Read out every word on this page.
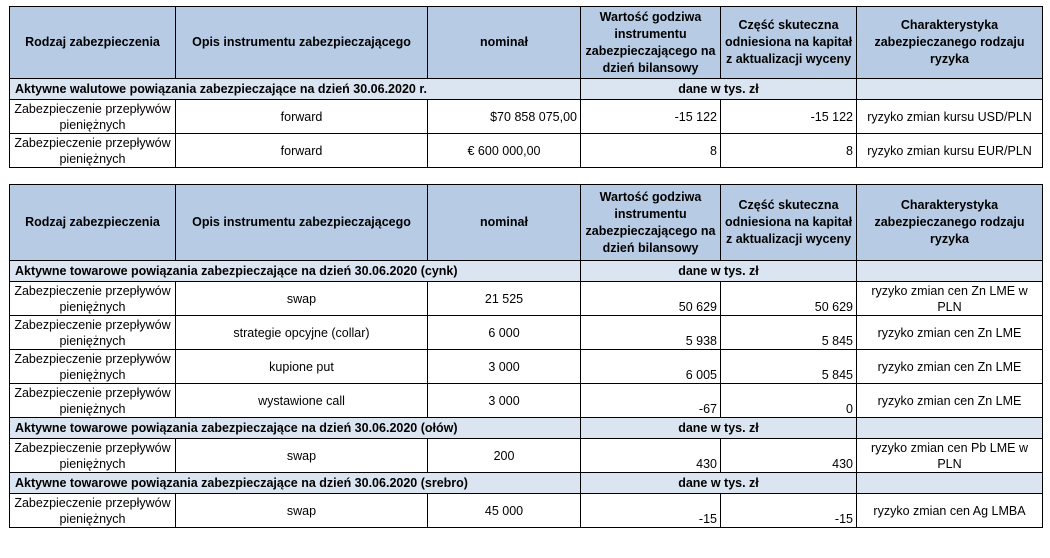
Rodzaj zabezpieczenia	Opis instrumentu zabezpieczającego	nominał	Wartość godziwa instrumentu zabezpieczającego na dzień bilansowy	Część skuteczna odniesiona na kapitał z aktualizacji wyceny	Charakterystyka zabezpieczanego rodzaju ryzyka
Aktywne walutowe powiązania zabezpieczające na dzień 30.06.2020 r.			dane w tys. zł		
Zabezpieczenie przepływów pieniężnych	forward	$70 858 075,00	-15 122	-15 122	ryzyko zmian kursu USD/PLN
Zabezpieczenie przepływów pieniężnych	forward	€ 600 000,00	8	8	ryzyko zmian kursu EUR/PLN
Rodzaj zabezpieczenia	Opis instrumentu zabezpieczającego	nominał	Wartość godziwa instrumentu zabezpieczającego na dzień bilansowy	Część skuteczna odniesiona na kapitał z aktualizacji wyceny	Charakterystyka zabezpieczanego rodzaju ryzyka
Aktywne towarowe powiązania zabezpieczające na dzień 30.06.2020 (cynk)			dane w tys. zł		
Zabezpieczenie przepływów pieniężnych	swap	21 525	50 629	50 629	ryzyko zmian cen Zn LME w PLN
Zabezpieczenie przepływów pieniężnych	strategie opcyjne (collar)	6 000	5 938	5 845	ryzyko zmian cen Zn LME
Zabezpieczenie przepływów pieniężnych	kupione put	3 000	6 005	5 845	ryzyko zmian cen Zn LME
Zabezpieczenie przepływów pieniężnych	wystawione call	3 000	-67	0	ryzyko zmian cen Zn LME
Aktywne towarowe powiązania zabezpieczające na dzień 30.06.2020 (ołów)			dane w tys. zł		
Zabezpieczenie przepływów pieniężnych	swap	200	430	430	ryzyko zmian cen Pb LME w PLN
Aktywne towarowe powiązania zabezpieczające na dzień 30.06.2020 (srebro)			dane w tys. zł		
Zabezpieczenie przepływów pieniężnych	swap	45 000	-15	-15	ryzyko zmian cen Ag LMBA
